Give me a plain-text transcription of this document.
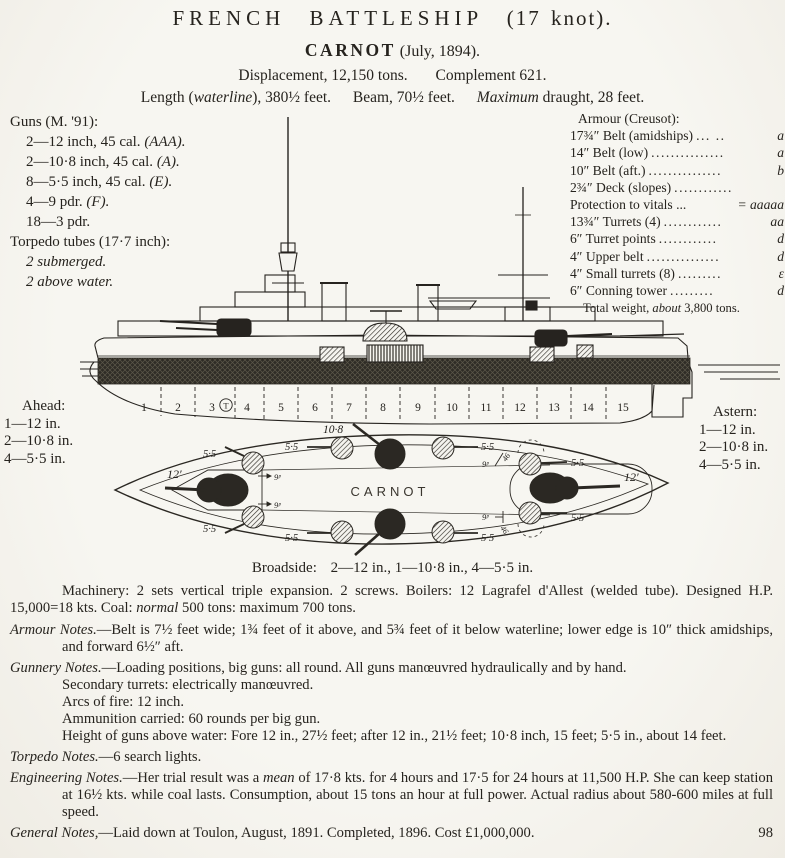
FRENCH BATTLESHIP (17 knot).
CARNOT (July, 1894).
Displacement, 12,150 tons. Complement 621.
Length (waterline), 380½ feet. Beam, 70½ feet. Maximum draught, 28 feet.
Guns (M. '91):
2—12 inch, 45 cal. (AAA).
2—10·8 inch, 45 cal. (A).
8—5·5 inch, 45 cal. (E).
4—9 pdr. (F).
18—3 pdr.
Torpedo tubes (17·7 inch):
2 submerged.
2 above water.
Armour (Creusot):
17¾″ Belt (amidships) ... ..	a
14″ Belt (low) ...............	a
10″ Belt (aft.) ...............	b
2¾″ Deck (slopes) ............
Protection to vitals ...	= aaaaa
13¾″ Turrets (4) ............	aa
6″ Turret points ............	d
4″ Upper belt ...............	d
4″ Small turrets (8) .........	ε
6″ Conning tower .........	d
Total weight, about 3,800 tons.
1 2 3	4 5 6 7 8	9 10 11 12 13 14 15
T
Ahead:
1—12 in.
2—10·8 in.
4—5·5 in.
Astern:
1—12 in.
2—10·8 in.
4—5·5 in.
CARNOT
12′	12′
10·8
5·5
5·5	5·5
5·5
5·5
5·5	5·5
5·5
9ᵖ
9ᵖ
9ᵖ
9ᵖ
46
46
Broadside: 2—12 in., 1—10·8 in., 4—5·5 in.

Machinery: 2 sets vertical triple expansion. 2 screws. Boilers: 12 Lagrafel d'Allest (welded tube). Designed H.P. 15,000=18 kts. Coal: normal 500 tons: maximum 700 tons.

Armour Notes.—Belt is 7½ feet wide; 1¾ feet of it above, and 5¾ feet of it below waterline; lower edge is 10″ thick amidships, and forward 6½″ aft.

Gunnery Notes.—Loading positions, big guns: all round. All guns manœuvred hydraulically and by hand.

Secondary turrets: electrically manœuvred.
Arcs of fire: 12 inch.
Ammunition carried: 60 rounds per big gun.
Height of guns above water: Fore 12 in., 27½ feet; after 12 in., 21½ feet; 10·8 inch, 15 feet; 5·5 in., about 14 feet.

Torpedo Notes.—6 search lights.

Engineering Notes.—Her trial result was a mean of 17·8 kts. for 4 hours and 17·5 for 24 hours at 11,500 H.P. She can keep station at 16½ kts. while coal lasts. Consumption, about 15 tons an hour at full power. Actual radius about 580-600 miles at full speed.

General Notes,—Laid down at Toulon, August, 1891. Completed, 1896. Cost £1,000,000.	98
